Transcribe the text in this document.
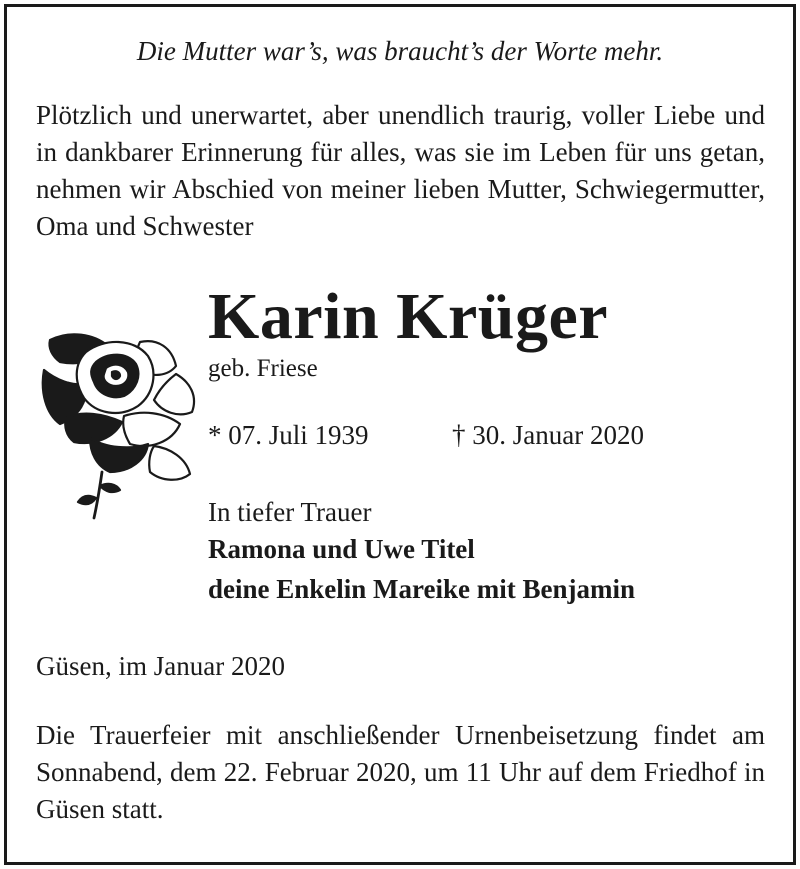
Die Mutter war’s, was braucht’s der Worte mehr.
Plötzlich und unerwartet, aber unendlich traurig, voller Liebe und in dankbarer Erinnerung für alles, was sie im Leben für uns getan, nehmen wir Abschied von meiner lieben Mutter, Schwiegermutter, Oma und Schwester
Karin Krüger
geb. Friese
* 07. Juli 1939	† 30. Januar 2020
In tiefer Trauer
Ramona und Uwe Titel
deine Enkelin Mareike mit Benjamin
Güsen, im Januar 2020
Die Trauerfeier mit anschließender Urnenbeisetzung findet am Sonnabend, dem 22. Februar 2020, um 11 Uhr auf dem Friedhof in Güsen statt.
